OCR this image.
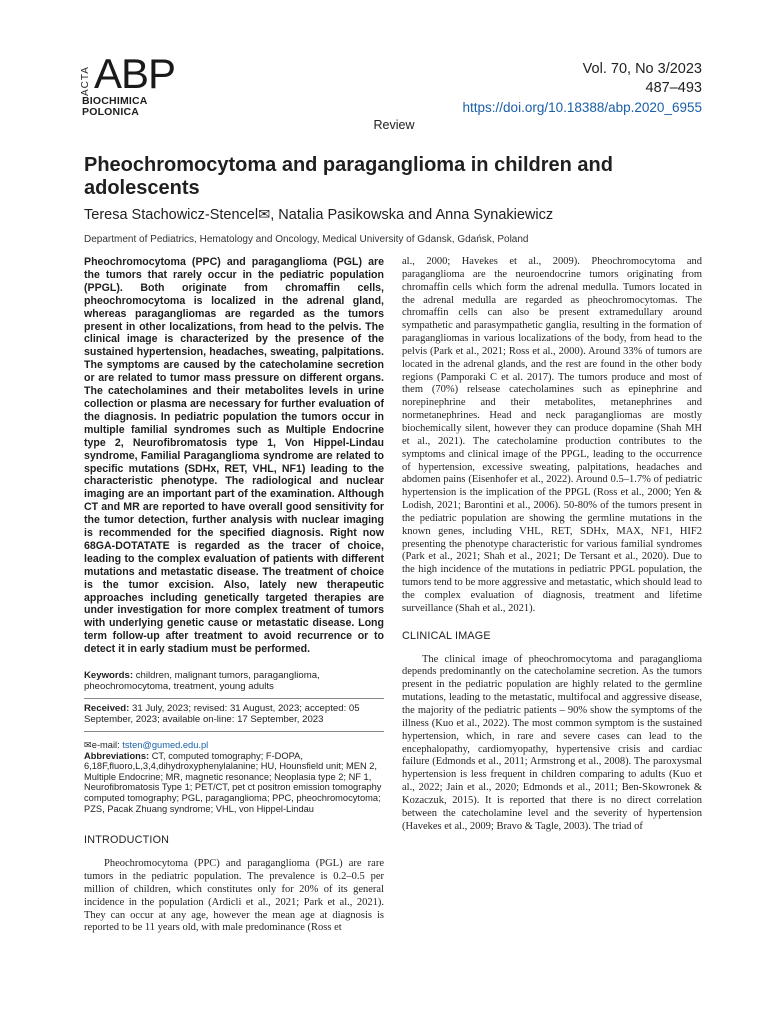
ACTA ABP
BIOCHIMICA
POLONICA
Vol. 70, No 3/2023
487–493
https://doi.org/10.18388/abp.2020_6955
Review
Pheochromocytoma and paraganglioma in children and adolescents
Teresa Stachowicz-Stencel✉, Natalia Pasikowska and Anna Synakiewicz
Department of Pediatrics, Hematology and Oncology, Medical University of Gdansk, Gdańsk, Poland

Pheochromocytoma (PPC) and paraganglioma (PGL) are the tumors that rarely occur in the pediatric population (PPGL). Both originate from chromaffin cells, pheochromocytoma is localized in the adrenal gland, whereas paragangliomas are regarded as the tumors present in other localizations, from head to the pelvis. The clinical image is characterized by the presence of the sustained hypertension, headaches, sweating, palpitations. The symptoms are caused by the catecholamine secretion or are related to tumor mass pressure on different organs. The catecholamines and their metabolites levels in urine collection or plasma are necessary for further evaluation of the diagnosis. In pediatric population the tumors occur in multiple familial syndromes such as Multiple Endocrine type 2, Neurofibromatosis type 1, Von Hippel-Lindau syndrome, Familial Paraganglioma syndrome are related to specific mutations (SDHx, RET, VHL, NF1) leading to the characteristic phenotype. The radiological and nuclear imaging are an important part of the examination. Although CT and MR are reported to have overall good sensitivity for the tumor detection, further analysis with nuclear imaging is recommended for the specified diagnosis. Right now 68GA-DOTATATE is regarded as the tracer of choice, leading to the complex evaluation of patients with different mutations and metastatic disease. The treatment of choice is the tumor excision. Also, lately new therapeutic approaches including genetically targeted therapies are under investigation for more complex treatment of tumors with underlying genetic cause or metastatic disease. Long term follow-up after treatment to avoid recurrence or to detect it in early stadium must be performed.

Keywords: children, malignant tumors, paraganglioma, pheochromocytoma, treatment, young adults
Received: 31 July, 2023; revised: 31 August, 2023; accepted: 05 September, 2023; available on-line: 17 September, 2023
✉e-mail: tsten@gumed.edu.pl
Abbreviations: CT, computed tomography; F-DOPA, 6,18F,fluoro,L,3,4,dihydroxyphenylalanine; HU, Hounsfield unit; MEN 2, Multiple Endocrine; MR, magnetic resonance; Neoplasia type 2; NF 1, Neurofibromatosis Type 1; PET/CT, pet ct positron emission tomography computed tomography; PGL, paraganglioma; PPC, pheochromocytoma; PZS, Pacak Zhuang syndrome; VHL, von Hippel-Lindau
INTRODUCTION

Pheochromocytoma (PPC) and paraganglioma (PGL) are rare tumors in the pediatric population. The prevalence is 0.2–0.5 per million of children, which constitutes only for 20% of its general incidence in the population (Ardicli et al., 2021; Park et al., 2021). They can occur at any age, however the mean age at diagnosis is reported to be 11 years old, with male predominance (Ross et

al., 2000; Havekes et al., 2009). Pheochromocytoma and paraganglioma are the neuroendocrine tumors originating from chromaffin cells which form the adrenal medulla. Tumors located in the adrenal medulla are regarded as pheochromocytomas. The chromaffin cells can also be present extramedullary around sympathetic and parasympathetic ganglia, resulting in the formation of paragangliomas in various localizations of the body, from head to the pelvis (Park et al., 2021; Ross et al., 2000). Around 33% of tumors are located in the adrenal glands, and the rest are found in the other body regions (Pamporaki C et al. 2017). The tumors produce and most of them (70%) relsease catecholamines such as epinephrine and norepinephrine and their metabolites, metanephrines and normetanephrines. Head and neck paragangliomas are mostly biochemically silent, however they can produce dopamine (Shah MH et al., 2021). The catecholamine production contributes to the symptoms and clinical image of the PPGL, leading to the occurrence of hypertension, excessive sweating, palpitations, headaches and abdomen pains (Eisenhofer et al., 2022). Around 0.5–1.7% of pediatric hypertension is the implication of the PPGL (Ross et al., 2000; Yen & Lodish, 2021; Barontini et al., 2006). 50-80% of the tumors present in the pediatric population are showing the germline mutations in the known genes, including VHL, RET, SDHx, MAX, NF1, HIF2 presenting the phenotype characteristic for various familial syndromes (Park et al., 2021; Shah et al., 2021; De Tersant et al., 2020). Due to the high incidence of the mutations in pediatric PPGL population, the tumors tend to be more aggressive and metastatic, which should lead to the complex evaluation of diagnosis, treatment and lifetime surveillance (Shah et al., 2021).

CLINICAL IMAGE

The clinical image of pheochromocytoma and paraganglioma depends predominantly on the catecholamine secretion. As the tumors present in the pediatric population are highly related to the germline mutations, leading to the metastatic, multifocal and aggressive disease, the majority of the pediatric patients – 90% show the symptoms of the illness (Kuo et al., 2022). The most common symptom is the sustained hypertension, which, in rare and severe cases can lead to the encephalopathy, cardiomyopathy, hypertensive crisis and cardiac failure (Edmonds et al., 2011; Armstrong et al., 2008). The paroxysmal hypertension is less frequent in children comparing to adults (Kuo et al., 2022; Jain et al., 2020; Edmonds et al., 2011; Ben-Skowronek & Kozaczuk, 2015). It is reported that there is no direct correlation between the catecholamine level and the severity of hypertension (Havekes et al., 2009; Bravo & Tagle, 2003). The triad of
